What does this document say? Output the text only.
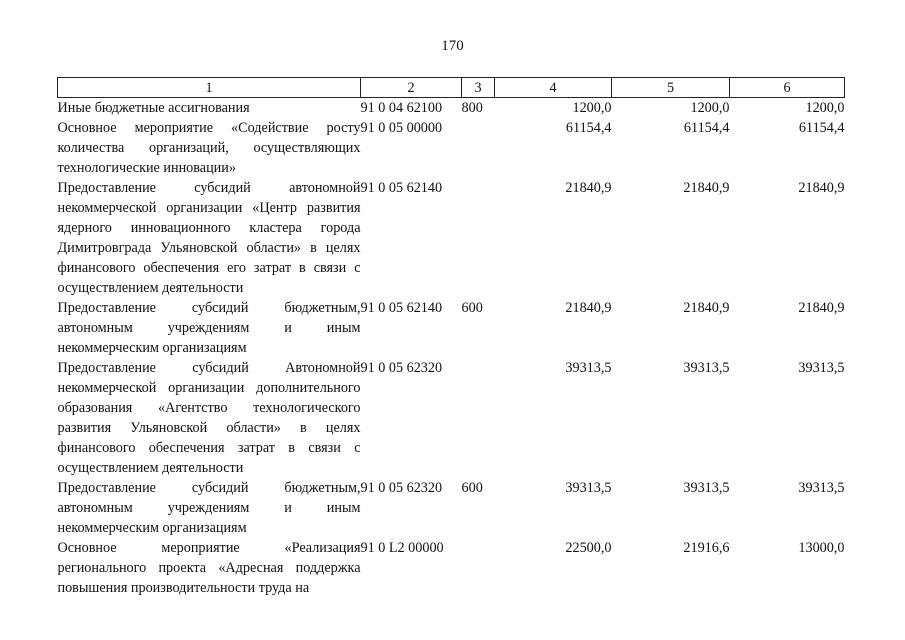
170
1	2	3	4	5	6
Иные бюджетные ассигнования	91 0 04 62100	800	1200,0	1200,0	1200,0
Основное мероприятие «Содействие росту количества организаций, осуществляющих технологические инновации»	91 0 05 00000		61154,4	61154,4	61154,4
Предоставление субсидий автономной некоммерческой организации «Центр развития ядерного инновационного кластера города Димитровграда Ульяновской области» в целях финансового обеспечения его затрат в связи с осуществлением деятельности	91 0 05 62140		21840,9	21840,9	21840,9
Предоставление субсидий бюджетным, автономным учреждениям и иным некоммерческим организациям	91 0 05 62140	600	21840,9	21840,9	21840,9
Предоставление субсидий Автономной некоммерческой организации дополнительного образования «Агентство технологического развития Ульяновской области» в целях финансового обеспечения затрат в связи с осуществлением деятельности	91 0 05 62320		39313,5	39313,5	39313,5
Предоставление субсидий бюджетным, автономным учреждениям и иным некоммерческим организациям	91 0 05 62320	600	39313,5	39313,5	39313,5
Основное мероприятие «Реализация регионального проекта «Адресная поддержка повышения производительности труда на	91 0 L2 00000		22500,0	21916,6	13000,0
